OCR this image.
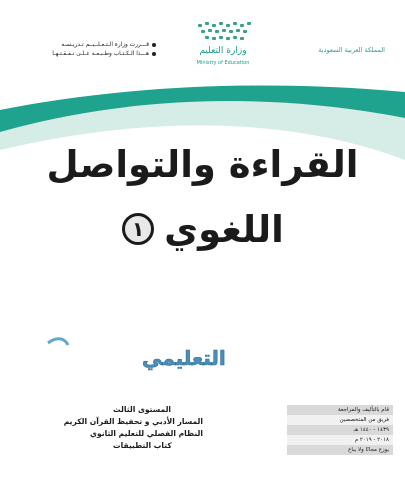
المملكة العربية السعودية
وزارة التعليم
Ministry of Education
قـــررت وزارة الـتـعـلــيــم تـدريـسـه
هـــذا الـكـتـاب وطـبـعـه عـلـى نـفـقـتـهـا
القراءة والتواصل
١ اللغوي
التعليمي
المستوى الثالث
المسار الأدبي و تحفيظ القرآن الكريم
النظام الفصلي للتعليم الثانوي
كتاب التطبيقات
قام بالتأليف والمراجعة
فريق من المتخصصين
١٤٣٩ - ١٤٤٠ هـ
٢٠١٨ - ٢٠١٩ م
يوزع مجانًا ولا يباع
